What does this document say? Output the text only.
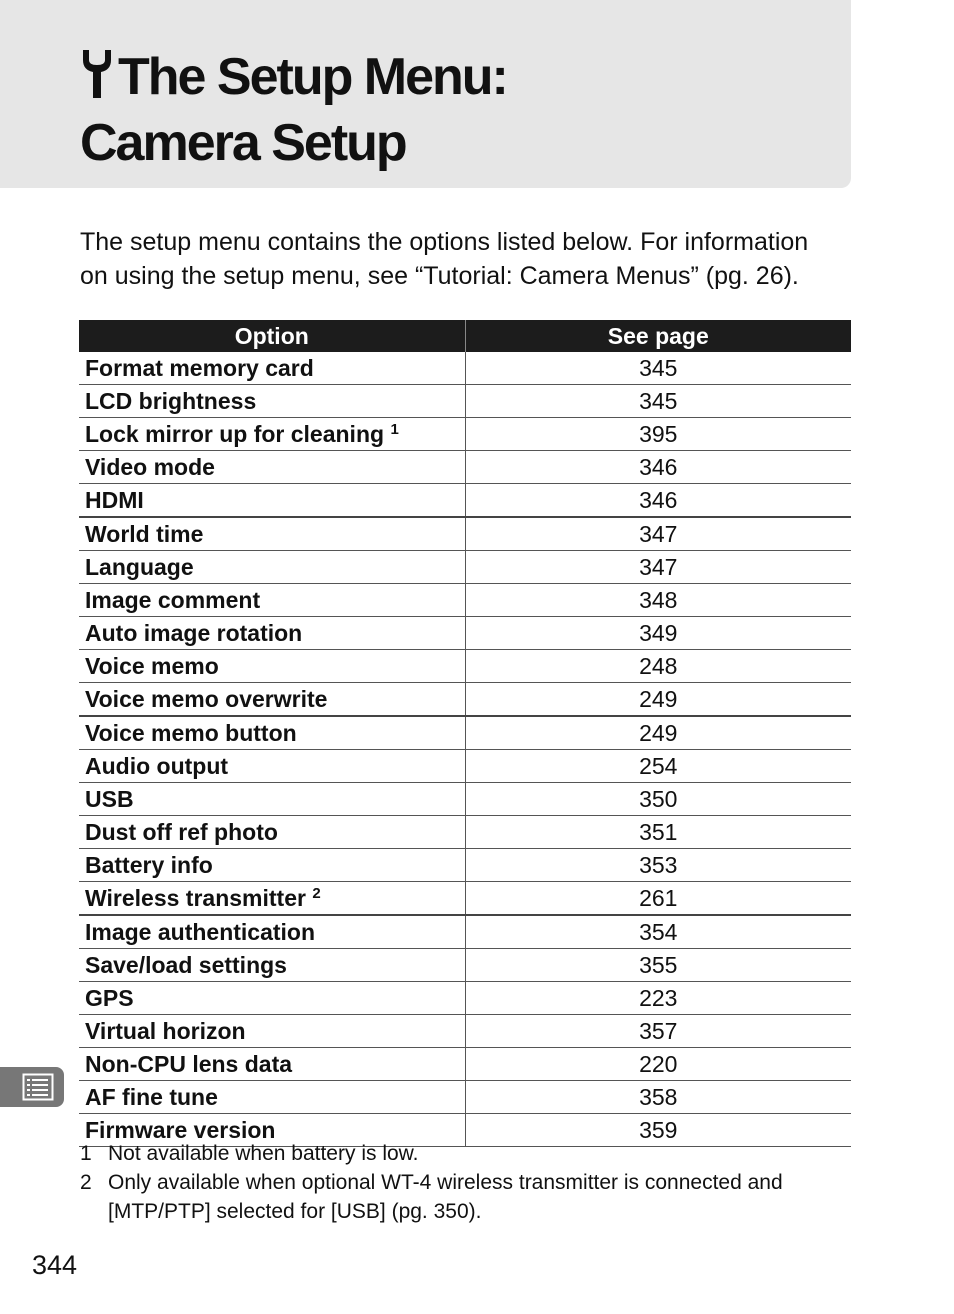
The Setup Menu:
Camera Setup

The setup menu contains the options listed below. For information on using the setup menu, see “Tutorial: Camera Menus” (pg. 26).

Option	See page
Format memory card	345
LCD brightness	345
Lock mirror up for cleaning $^1$	395
Video mode	346
HDMI	346
World time	347
Language	347
Image comment	348
Auto image rotation	349
Voice memo	248
Voice memo overwrite	249
Voice memo button	249
Audio output	254
USB	350
Dust off ref photo	351
Battery info	353
Wireless transmitter $^2$	261
Image authentication	354
Save/load settings	355
GPS	223
Virtual horizon	357
Non-CPU lens data	220
AF fine tune	358
Firmware version	359
1 Not available when battery is low.
2 Only available when optional WT-4 wireless transmitter is connected and [MTP/PTP] selected for [USB] (pg. 350).
344
